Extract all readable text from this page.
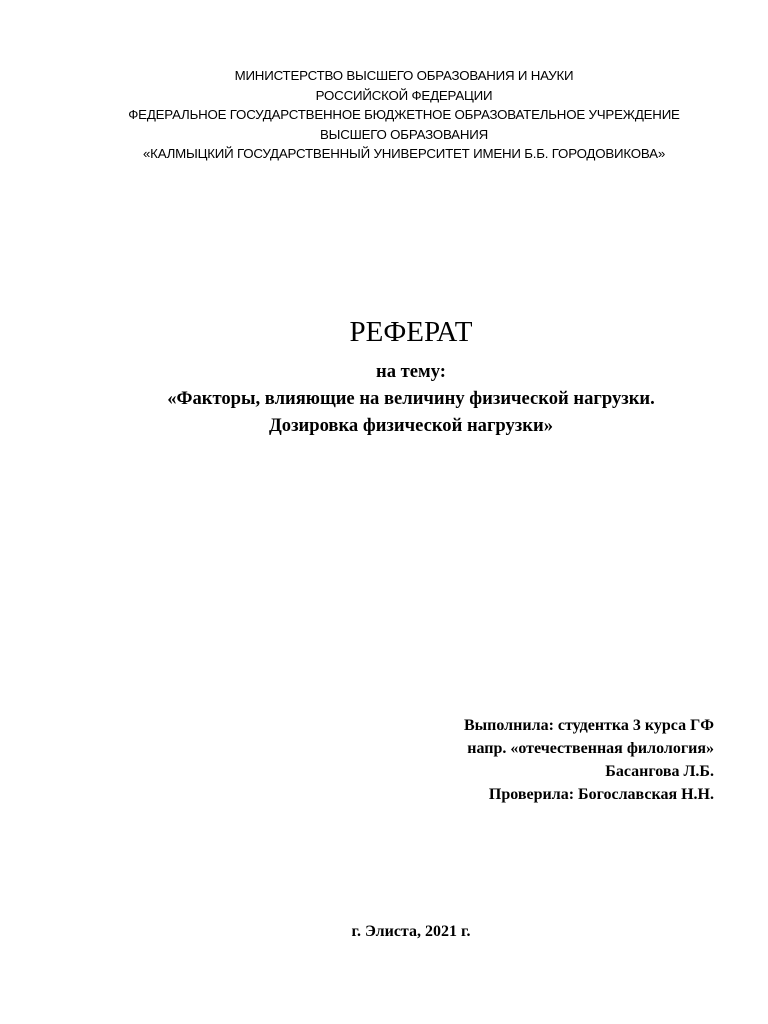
МИНИСТЕРСТВО ВЫСШЕГО ОБРАЗОВАНИЯ И НАУКИ
РОССИЙСКОЙ ФЕДЕРАЦИИ
ФЕДЕРАЛЬНОЕ ГОСУДАРСТВЕННОЕ БЮДЖЕТНОЕ ОБРАЗОВАТЕЛЬНОЕ УЧРЕЖДЕНИЕ
ВЫСШЕГО ОБРАЗОВАНИЯ
«КАЛМЫЦКИЙ ГОСУДАРСТВЕННЫЙ УНИВЕРСИТЕТ ИМЕНИ Б.Б. ГОРОДОВИКОВА»
РЕФЕРАТ
на тему:
«Факторы, влияющие на величину физической нагрузки.
Дозировка физической нагрузки»
Выполнила: студентка 3 курса ГФ
напр. «отечественная филология»
Басангова Л.Б.
Проверила: Богославская Н.Н.
г. Элиста, 2021 г.
